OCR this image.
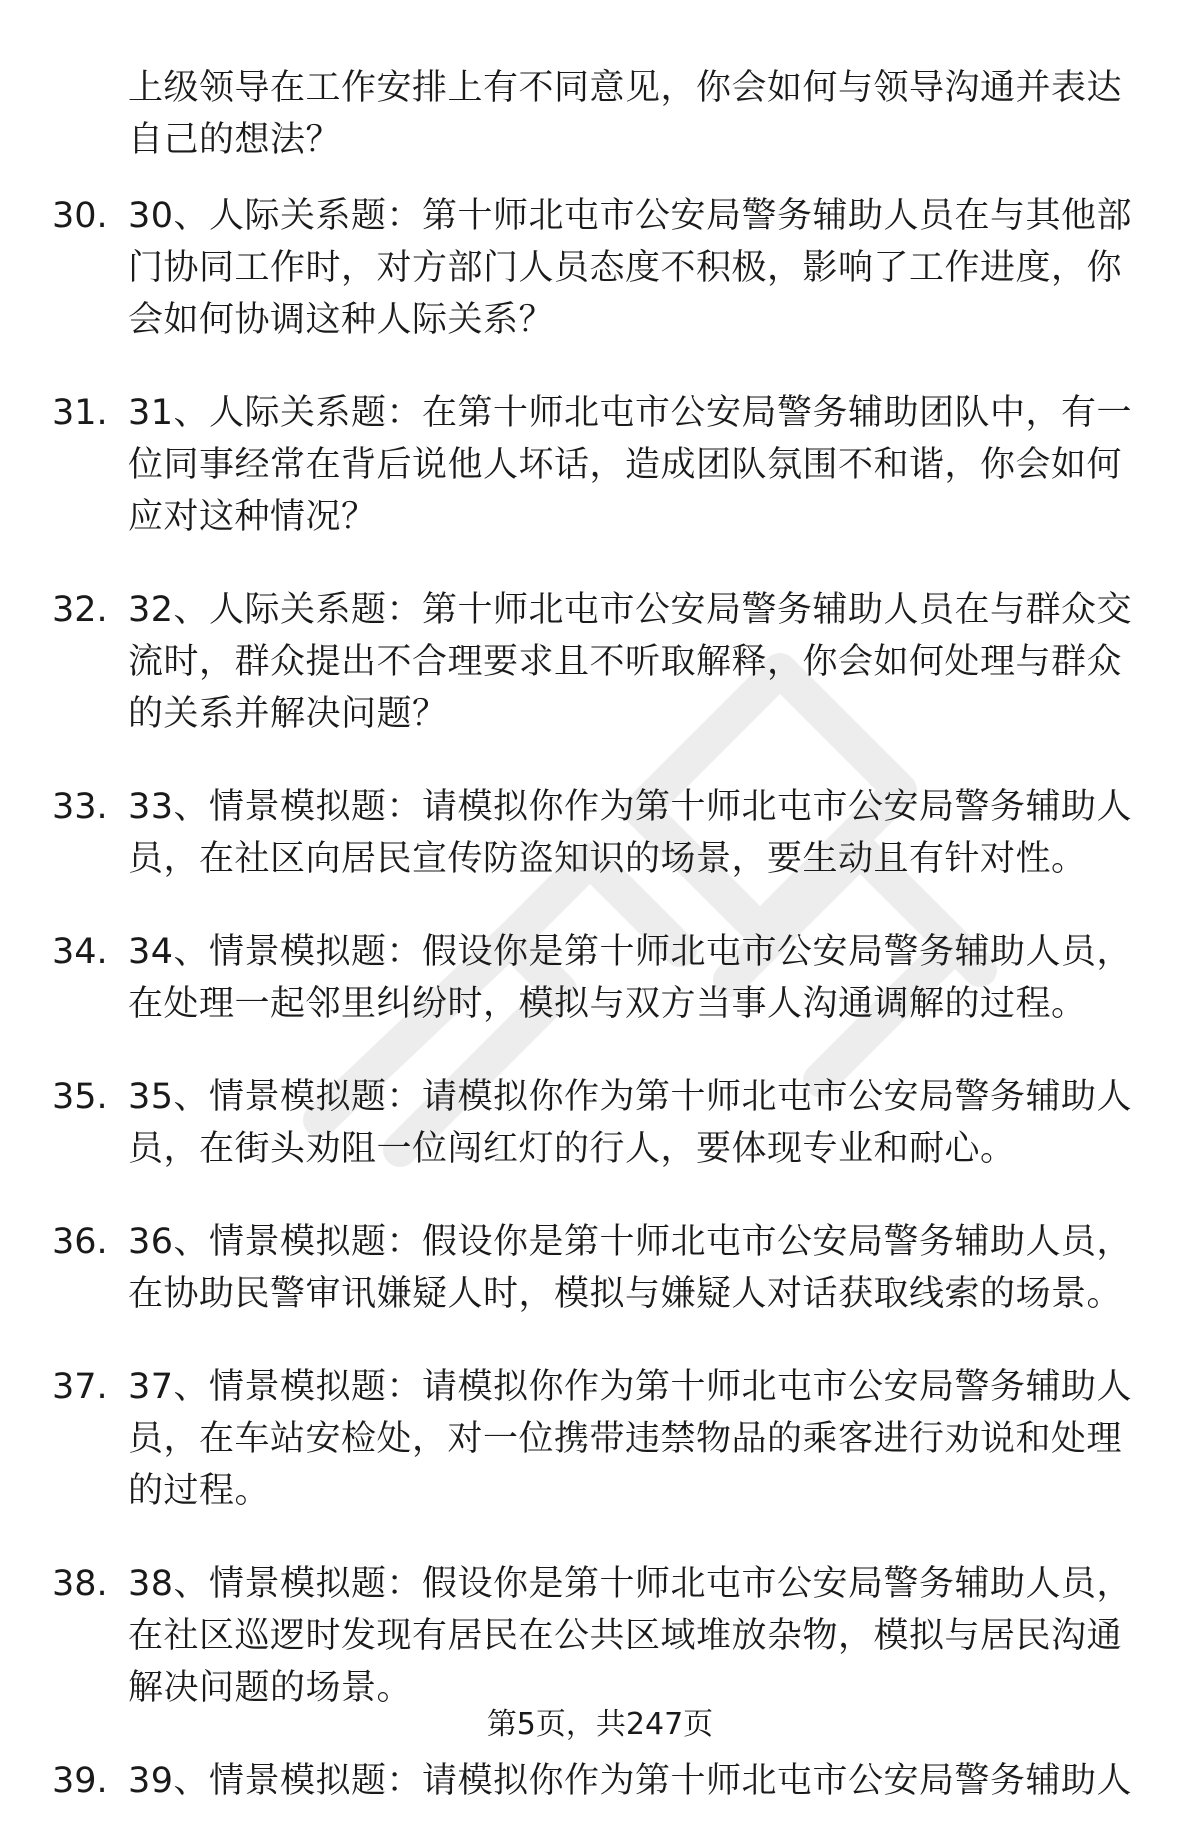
上级领导在工作安排上有不同意见，你会如何与领导沟通并表达自己的想法？
30. 30、人际关系题：第十师北屯市公安局警务辅助人员在与其他部门协同工作时，对方部门人员态度不积极，影响了工作进度，你会如何协调这种人际关系？
31. 31、人际关系题：在第十师北屯市公安局警务辅助团队中，有一位同事经常在背后说他人坏话，造成团队氛围不和谐，你会如何应对这种情况？
32. 32、人际关系题：第十师北屯市公安局警务辅助人员在与群众交流时，群众提出不合理要求且不听取解释，你会如何处理与群众的关系并解决问题？
33. 33、情景模拟题：请模拟你作为第十师北屯市公安局警务辅助人员，在社区向居民宣传防盗知识的场景，要生动且有针对性。
34. 34、情景模拟题：假设你是第十师北屯市公安局警务辅助人员，在处理一起邻里纠纷时，模拟与双方当事人沟通调解的过程。
35. 35、情景模拟题：请模拟你作为第十师北屯市公安局警务辅助人员，在街头劝阻一位闯红灯的行人，要体现专业和耐心。
36. 36、情景模拟题：假设你是第十师北屯市公安局警务辅助人员，在协助民警审讯嫌疑人时，模拟与嫌疑人对话获取线索的场景。
37. 37、情景模拟题：请模拟你作为第十师北屯市公安局警务辅助人员，在车站安检处，对一位携带违禁物品的乘客进行劝说和处理的过程。
38. 38、情景模拟题：假设你是第十师北屯市公安局警务辅助人员，在社区巡逻时发现有居民在公共区域堆放杂物，模拟与居民沟通解决问题的场景。
39. 39、情景模拟题：请模拟你作为第十师北屯市公安局警务辅助人
第5页，共247页
